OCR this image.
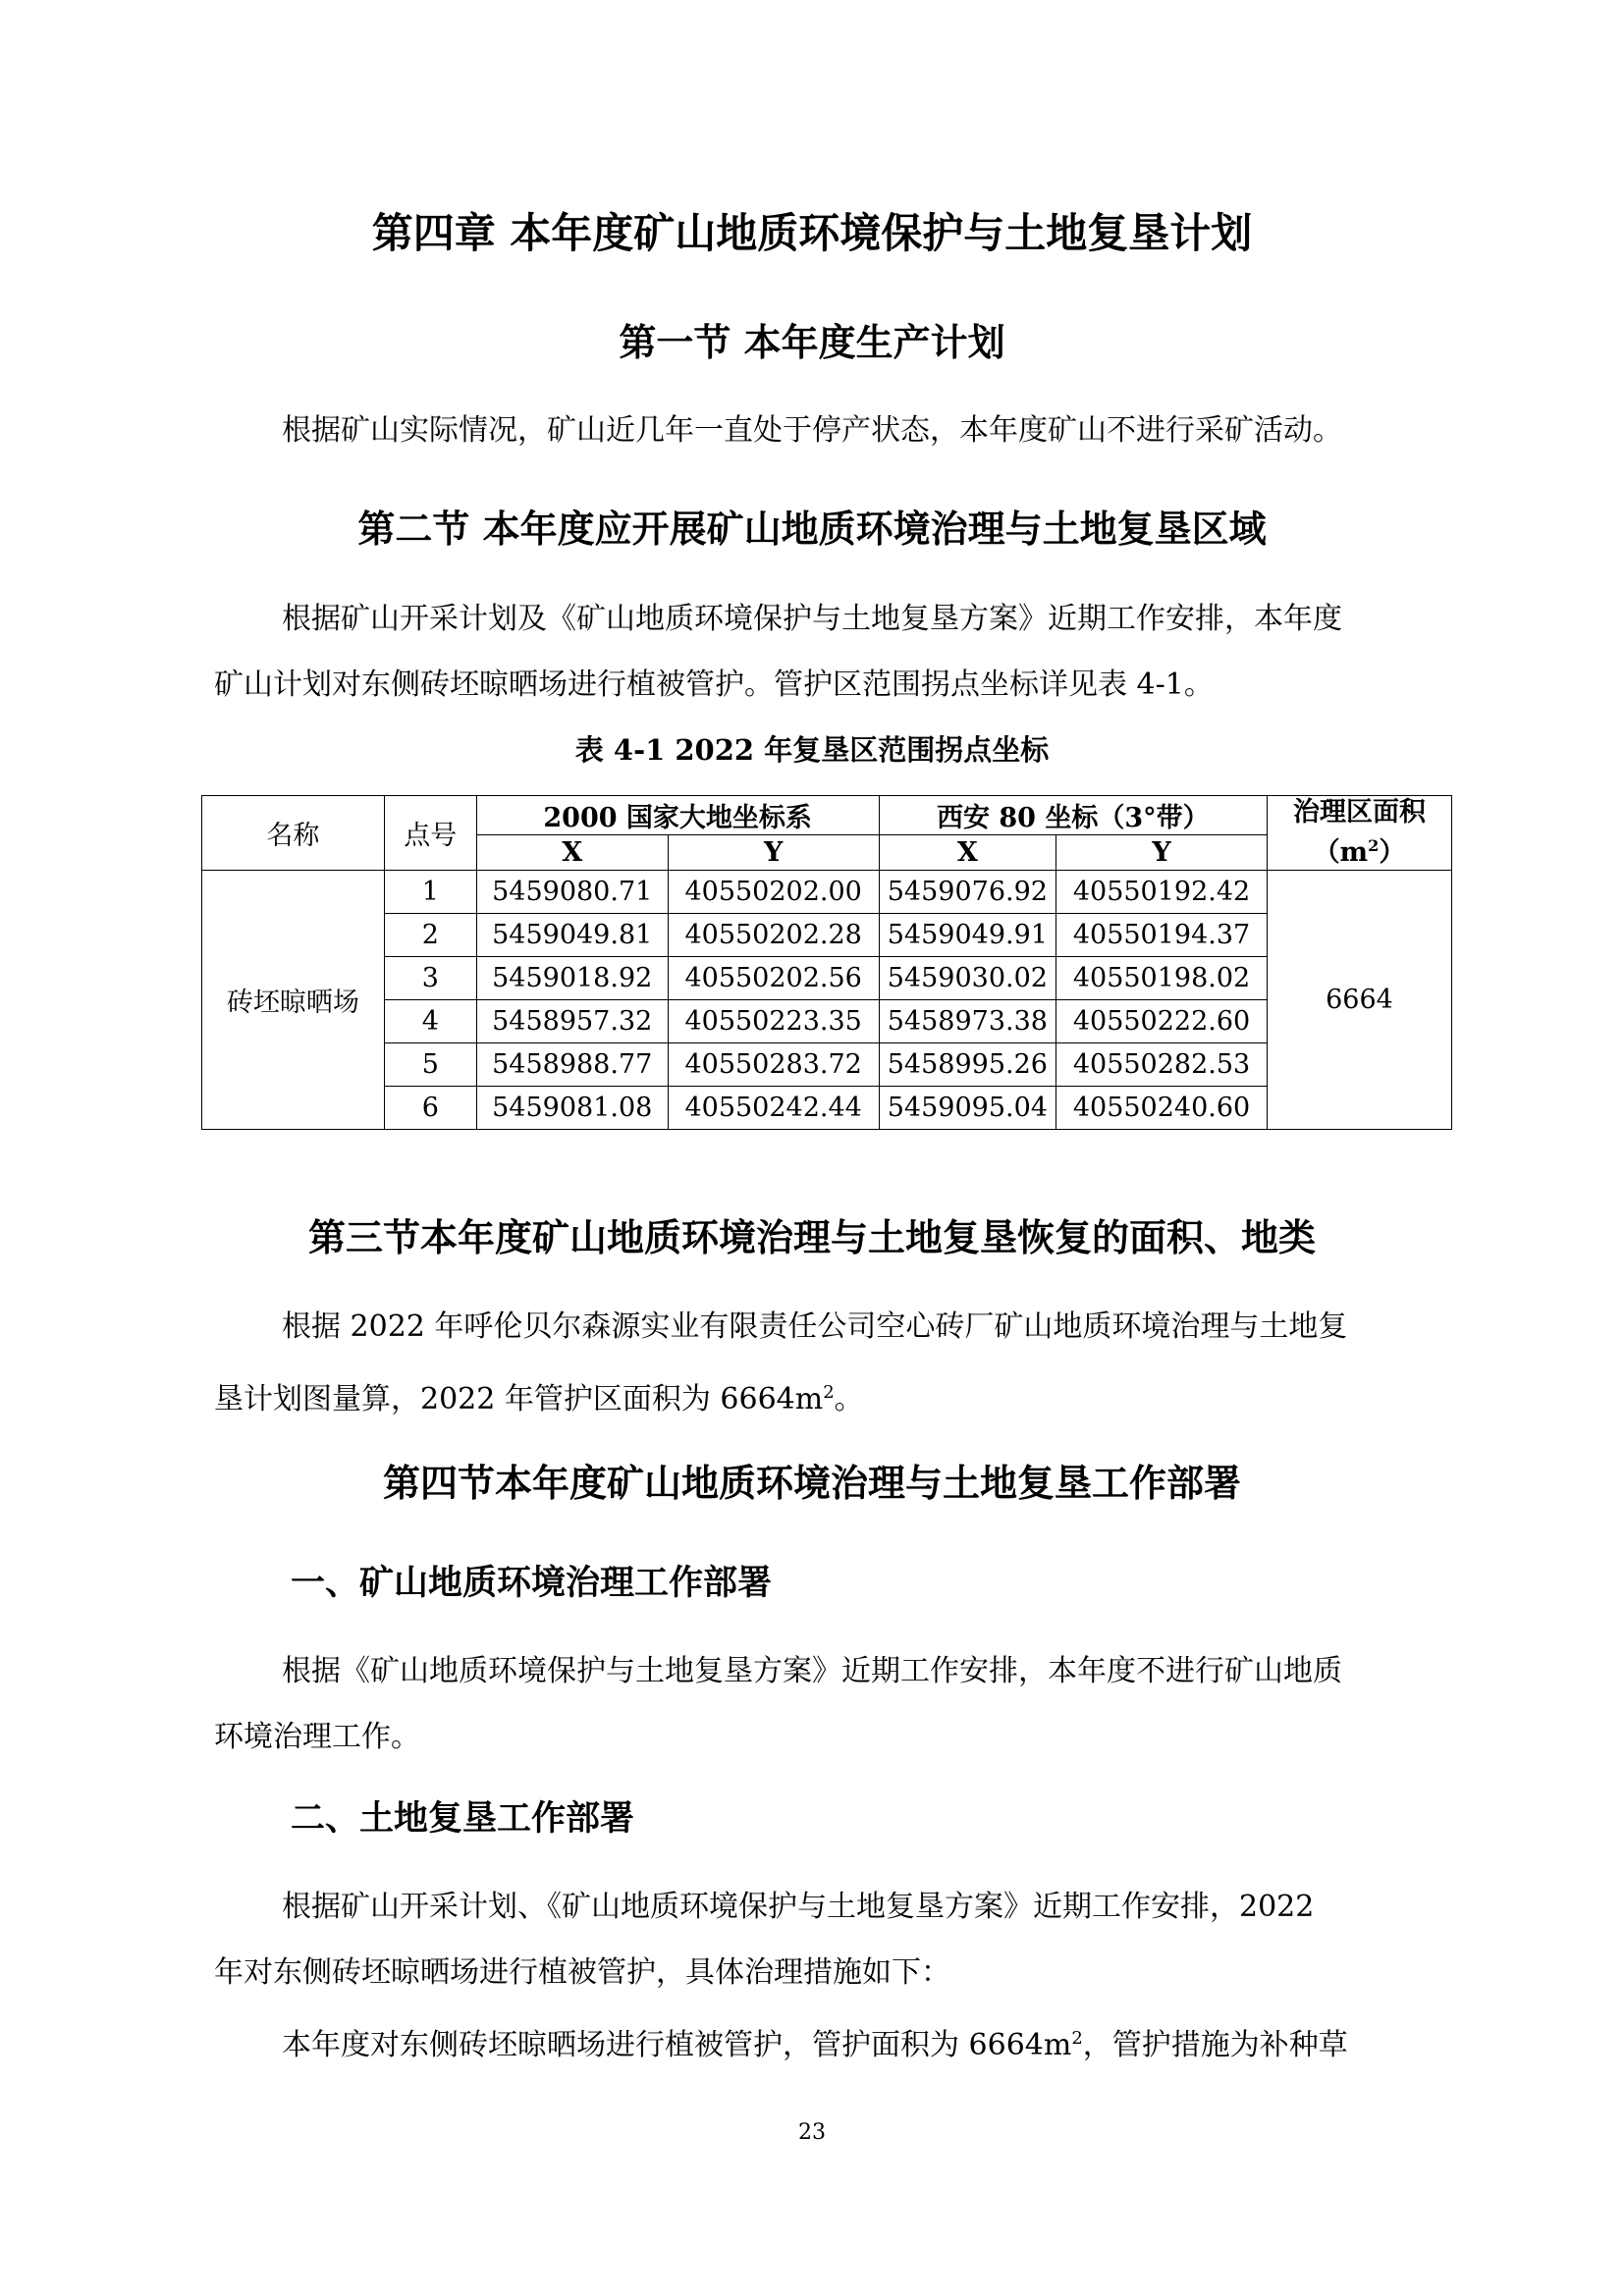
第四章 本年度矿山地质环境保护与土地复垦计划
第一节 本年度生产计划
根据矿山实际情况，矿山近几年一直处于停产状态，本年度矿山不进行采矿活动。
第二节 本年度应开展矿山地质环境治理与土地复垦区域
根据矿山开采计划及《矿山地质环境保护与土地复垦方案》近期工作安排，本年度
矿山计划对东侧砖坯晾晒场进行植被管护。管护区范围拐点坐标详见表 4-1。
表 4-1 2022 年复垦区范围拐点坐标
名称	点号	2000 国家大地坐标系		西安 80 坐标（3°带）		治理区面积
$(m^2)$
		X	Y	X	Y	
砖坯晾晒场	1	5459080.71	40550202.00	5459076.92	40550192.42	6664
	2	5459049.81	40550202.28	5459049.91	40550194.37	
	3	5459018.92	40550202.56	5459030.02	40550198.02	
	4	5458957.32	40550223.35	5458973.38	40550222.60	
	5	5458988.77	40550283.72	5458995.26	40550282.53	
	6	5459081.08	40550242.44	5459095.04	40550240.60	
第三节本年度矿山地质环境治理与土地复垦恢复的面积、地类
根据 2022 年呼伦贝尔森源实业有限责任公司空心砖厂矿山地质环境治理与土地复
垦计划图量算，2022 年管护区面积为 $6664m^2$。
第四节本年度矿山地质环境治理与土地复垦工作部署
一、矿山地质环境治理工作部署
根据《矿山地质环境保护与土地复垦方案》近期工作安排，本年度不进行矿山地质
环境治理工作。
二、土地复垦工作部署
根据矿山开采计划、《矿山地质环境保护与土地复垦方案》近期工作安排，2022
年对东侧砖坯晾晒场进行植被管护，具体治理措施如下：
本年度对东侧砖坯晾晒场进行植被管护，管护面积为 $6664m^2$，管护措施为补种草
23
